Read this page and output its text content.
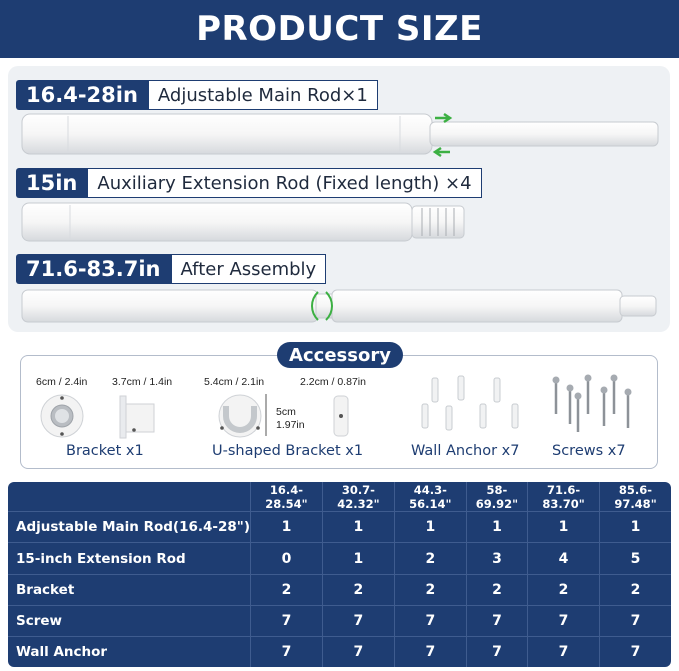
PRODUCT SIZE
16.4-28in	Adjustable Main Rod×1
15in	Auxiliary Extension Rod (Fixed length) ×4
71.6-83.7in	After Assembly
Accessory
6cm / 2.4in 3.7cm / 1.4in
Bracket x1
5.4cm / 2.1in	2.2cm / 0.87in
5cm
1.97in
U-shaped Bracket x1	Wall Anchor x7 Screws x7
	16.4-28.54"	30.7-42.32"	44.3-56.14"	58-69.92"	71.6-83.70"	85.6-97.48"
Adjustable Main Rod(16.4-28")	1	1	1	1	1	1
15-inch Extension Rod	0	1	2	3	4	5
Bracket	2	2	2	2	2	2
Screw	7	7	7	7	7	7
Wall Anchor	7	7	7	7	7	7
